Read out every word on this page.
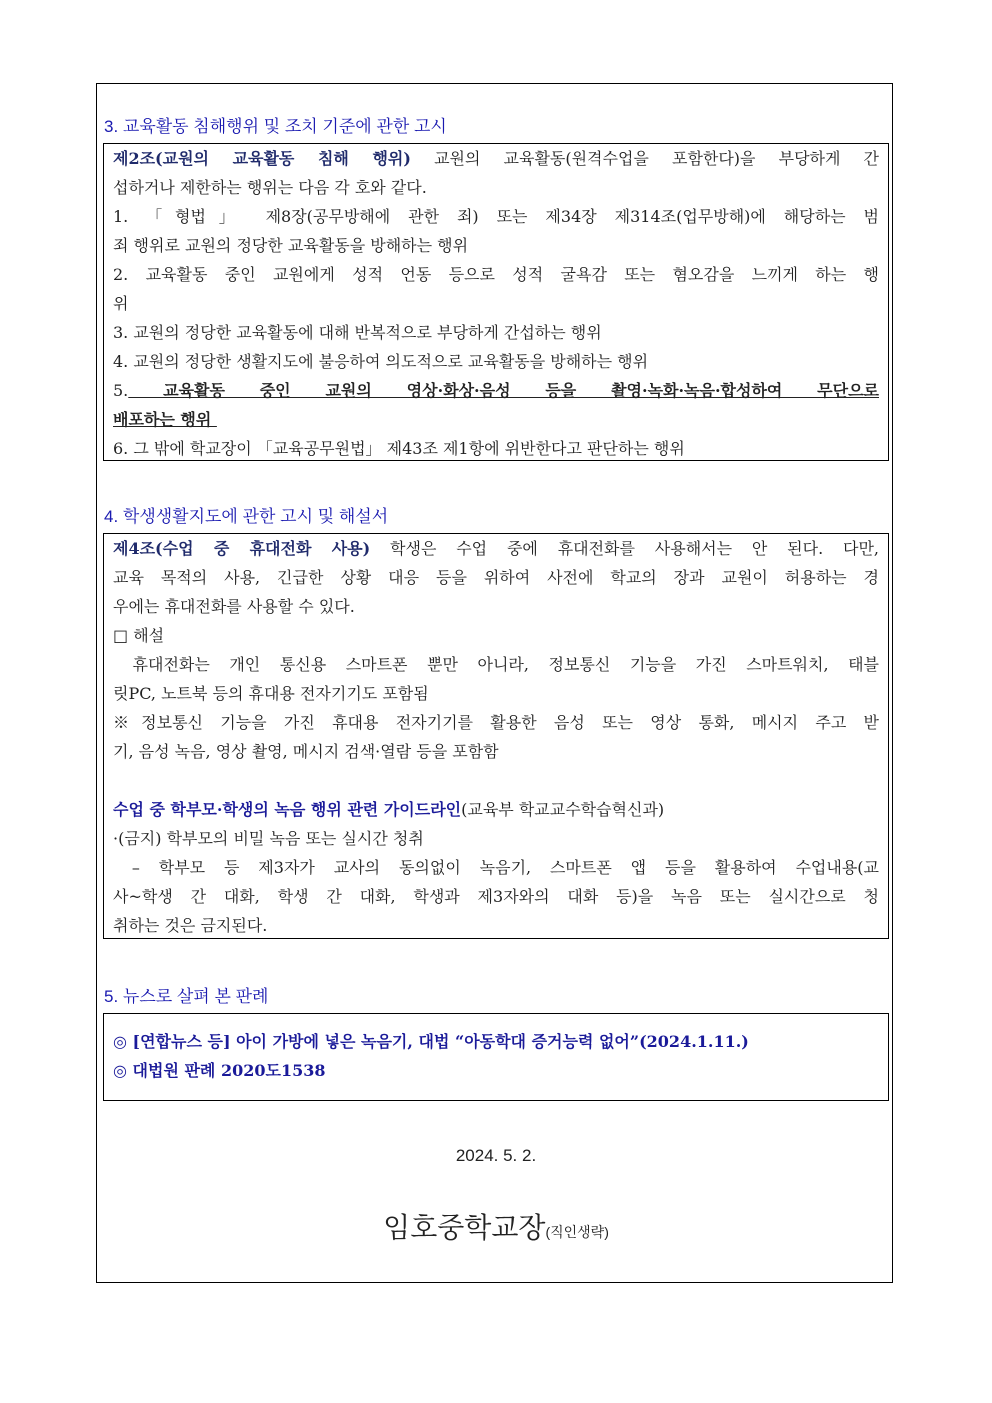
3. 교육활동 침해행위 및 조치 기준에 관한 고시
제2조(교원의 교육활동 침해 행위) 교원의 교육활동(원격수업을 포함한다)을 부당하게 간
섭하거나 제한하는 행위는 다음 각 호와 같다.
1. 「형법」 제8장(공무방해에 관한 죄) 또는 제34장 제314조(업무방해)에 해당하는 범
죄 행위로 교원의 정당한 교육활동을 방해하는 행위
2. 교육활동 중인 교원에게 성적 언동 등으로 성적 굴욕감 또는 혐오감을 느끼게 하는 행
위
3. 교원의 정당한 교육활동에 대해 반복적으로 부당하게 간섭하는 행위
4. 교원의 정당한 생활지도에 불응하여 의도적으로 교육활동을 방해하는 행위
5. 교육활동 중인 교원의 영상·화상·음성 등을 촬영·녹화·녹음·합성하여 무단으로
배포하는 행위
6. 그 밖에 학교장이 「교육공무원법」 제43조 제1항에 위반한다고 판단하는 행위
4. 학생생활지도에 관한 고시 및 해설서
제4조(수업 중 휴대전화 사용) 학생은 수업 중에 휴대전화를 사용해서는 안 된다. 다만,
교육 목적의 사용, 긴급한 상황 대응 등을 위하여 사전에 학교의 장과 교원이 허용하는 경
우에는 휴대전화를 사용할 수 있다.
□ 해설
휴대전화는 개인 통신용 스마트폰 뿐만 아니라, 정보통신 기능을 가진 스마트워치, 태블
릿PC, 노트북 등의 휴대용 전자기기도 포함됨
※정보통신 기능을 가진 휴대용 전자기기를 활용한 음성 또는 영상 통화, 메시지 주고 받
기, 음성 녹음, 영상 촬영, 메시지 검색·열람 등을 포함함
수업 중 학부모·학생의 녹음 행위 관련 가이드라인(교육부 학교교수학습혁신과)
·(금지) 학부모의 비밀 녹음 또는 실시간 청취
– 학부모 등 제3자가 교사의 동의없이 녹음기, 스마트폰 앱 등을 활용하여 수업내용(교
사~학생 간 대화, 학생 간 대화, 학생과 제3자와의 대화 등)을 녹음 또는 실시간으로 청
취하는 것은 금지된다.
5. 뉴스로 살펴 본 판례
◎ [연합뉴스 등] 아이 가방에 넣은 녹음기, 대법 “아동학대 증거능력 없어”(2024.1.11.)
◎ 대법원 판례 2020도1538
2024. 5. 2.
임호중학교장(직인생략)
